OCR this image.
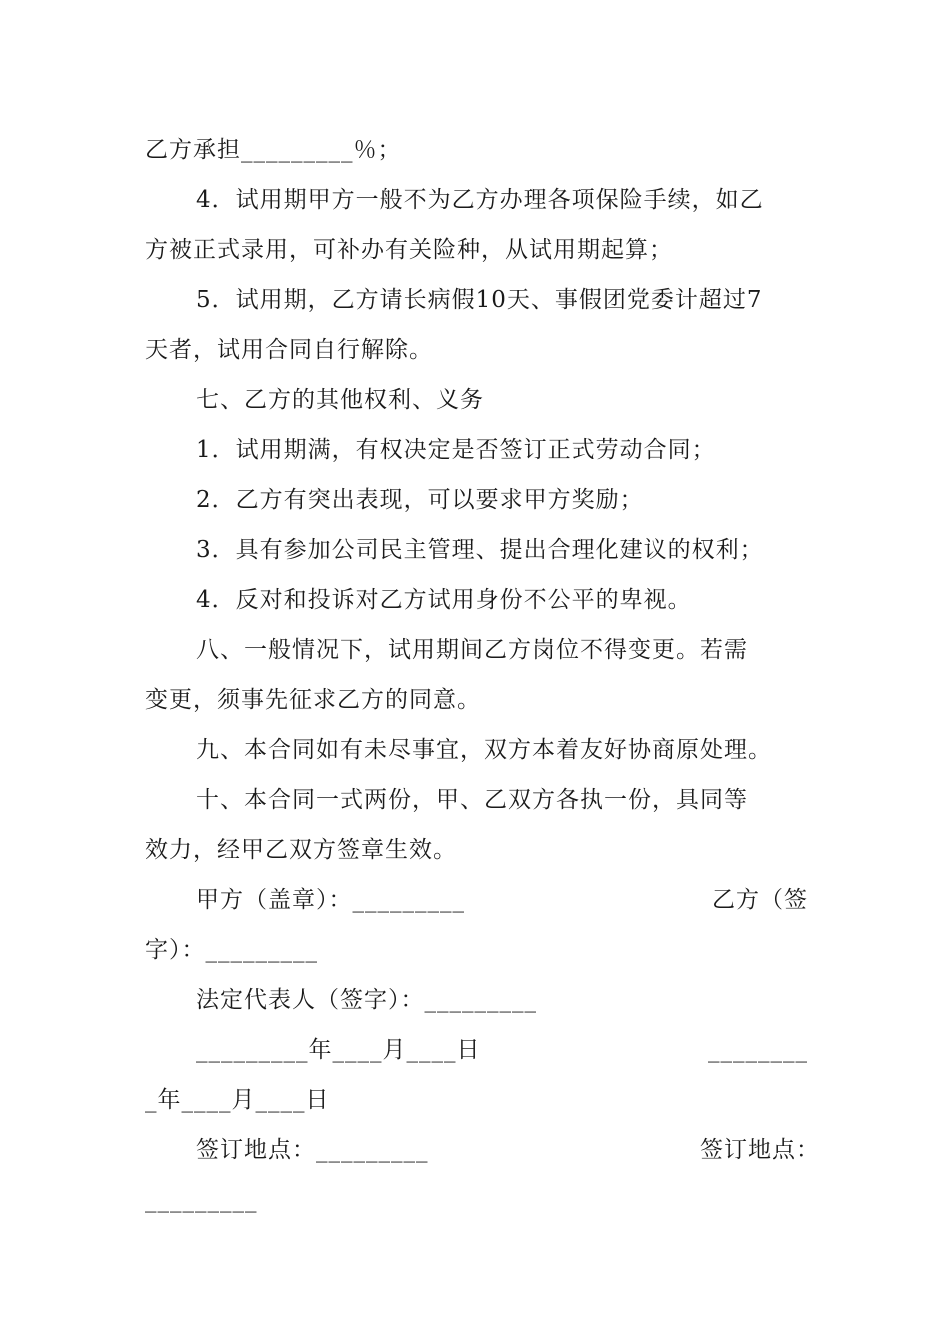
乙方承担_________％；
4．试用期甲方一般不为乙方办理各项保险手续，如乙
方被正式录用，可补办有关险种，从试用期起算；
5．试用期，乙方请长病假10天、事假团党委计超过7
天者，试用合同自行解除。
七、乙方的其他权利、义务
1．试用期满，有权决定是否签订正式劳动合同；
2．乙方有突出表现，可以要求甲方奖励；
3．具有参加公司民主管理、提出合理化建议的权利；
4．反对和投诉对乙方试用身份不公平的卑视。
八、一般情况下，试用期间乙方岗位不得变更。若需
变更，须事先征求乙方的同意。
九、本合同如有未尽事宜，双方本着友好协商原处理。
十、本合同一式两份，甲、乙双方各执一份，具同等
效力，经甲乙双方签章生效。
甲方（盖章）：_________	乙方（签
字）：_________
法定代表人（签字）：_________
_________年____月____日	________
_年____月____日
签订地点：_________	签订地点：
_________
